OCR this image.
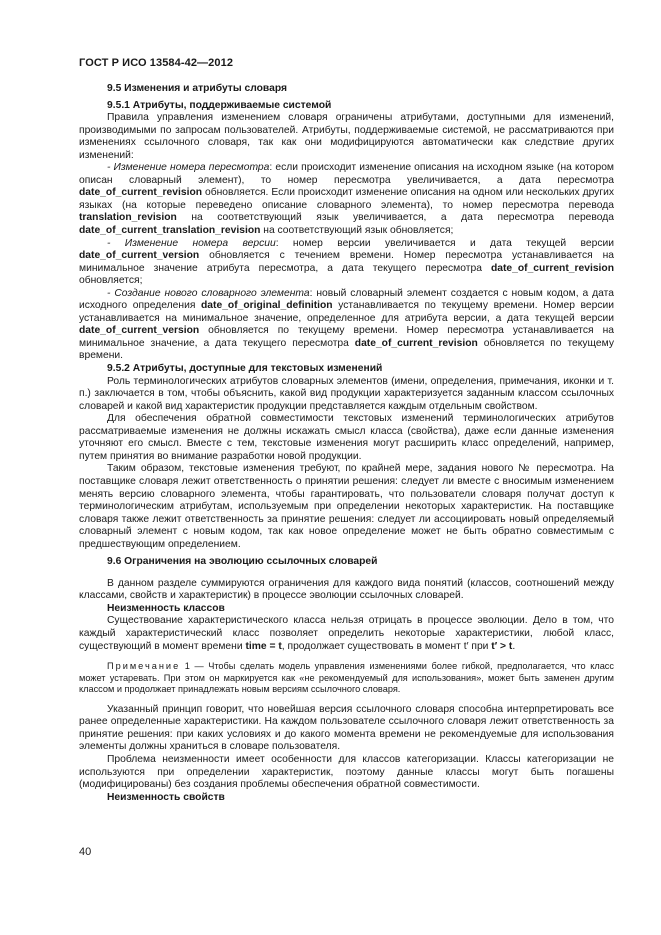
ГОСТ Р ИСО 13584-42—2012
9.5 Изменения и атрибуты словаря
9.5.1 Атрибуты, поддерживаемые системой

Правила управления изменением словаря ограничены атрибутами, доступными для изменений, производимыми по запросам пользователей. Атрибуты, поддерживаемые системой, не рассматриваются при изменениях ссылочного словаря, так как они модифицируются автоматически как следствие других изменений:

- Изменение номера пересмотра: если происходит изменение описания на исходном языке (на котором описан словарный элемент), то номер пересмотра увеличивается, а дата пересмотра date_of_current_revision обновляется. Если происходит изменение описания на одном или нескольких других языках (на которые переведено описание словарного элемента), то номер пересмотра перевода translation_revision на соответствующий язык увеличивается, а дата пересмотра перевода date_of_current_translation_revision на соответствующий язык обновляется;

- Изменение номера версии: номер версии увеличивается и дата текущей версии date_of_current_version обновляется с течением времени. Номер пересмотра устанавливается на минимальное значение атрибута пересмотра, а дата текущего пересмотра date_of_current_revision обновляется;

- Создание нового словарного элемента: новый словарный элемент создается с новым кодом, а дата исходного определения date_of_original_definition устанавливается по текущему времени. Номер версии устанавливается на минимальное значение, определенное для атрибута версии, а дата текущей версии date_of_current_version обновляется по текущему времени. Номер пересмотра устанавливается на минимальное значение, а дата текущего пересмотра date_of_current_revision обновляется по текущему времени.

9.5.2 Атрибуты, доступные для текстовых изменений

Роль терминологических атрибутов словарных элементов (имени, определения, примечания, иконки и т. п.) заключается в том, чтобы объяснить, какой вид продукции характеризуется заданным классом ссылочных словарей и какой вид характеристик продукции представляется каждым отдельным свойством.

Для обеспечения обратной совместимости текстовых изменений терминологических атрибутов рассматриваемые изменения не должны искажать смысл класса (свойства), даже если данные изменения уточняют его смысл. Вместе с тем, текстовые изменения могут расширить класс определений, например, путем принятия во внимание разработки новой продукции.

Таким образом, текстовые изменения требуют, по крайней мере, задания нового № пересмотра. На поставщике словаря лежит ответственность о принятии решения: следует ли вместе с вносимым изменением менять версию словарного элемента, чтобы гарантировать, что пользователи словаря получат доступ к терминологическим атрибутам, используемым при определении некоторых характеристик. На поставщике словаря также лежит ответственность за принятие решения: следует ли ассоциировать новый определяемый словарный элемент с новым кодом, так как новое определение может не быть обратно совместимым с предшествующим определением.

9.6 Ограничения на эволюцию ссылочных словарей

В данном разделе суммируются ограничения для каждого вида понятий (классов, соотношений между классами, свойств и характеристик) в процессе эволюции ссылочных словарей.

Неизменность классов

Существование характеристического класса нельзя отрицать в процессе эволюции. Дело в том, что каждый характеристический класс позволяет определить некоторые характеристики, любой класс, существующий в момент времени time = t, продолжает существовать в момент t′ при t′ > t.

Примечание 1 — Чтобы сделать модель управления изменениями более гибкой, предполагается, что класс может устаревать. При этом он маркируется как «не рекомендуемый для использования», может быть заменен другим классом и продолжает принадлежать новым версиям ссылочного словаря.

Указанный принцип говорит, что новейшая версия ссылочного словаря способна интерпретировать все ранее определенные характеристики. На каждом пользователе ссылочного словаря лежит ответственность за принятие решения: при каких условиях и до какого момента времени не рекомендуемые для использования элементы должны храниться в словаре пользователя.

Проблема неизменности имеет особенности для классов категоризации. Классы категоризации не используются при определении характеристик, поэтому данные классы могут быть погашены (модифицированы) без создания проблемы обеспечения обратной совместимости.

Неизменность свойств
40
